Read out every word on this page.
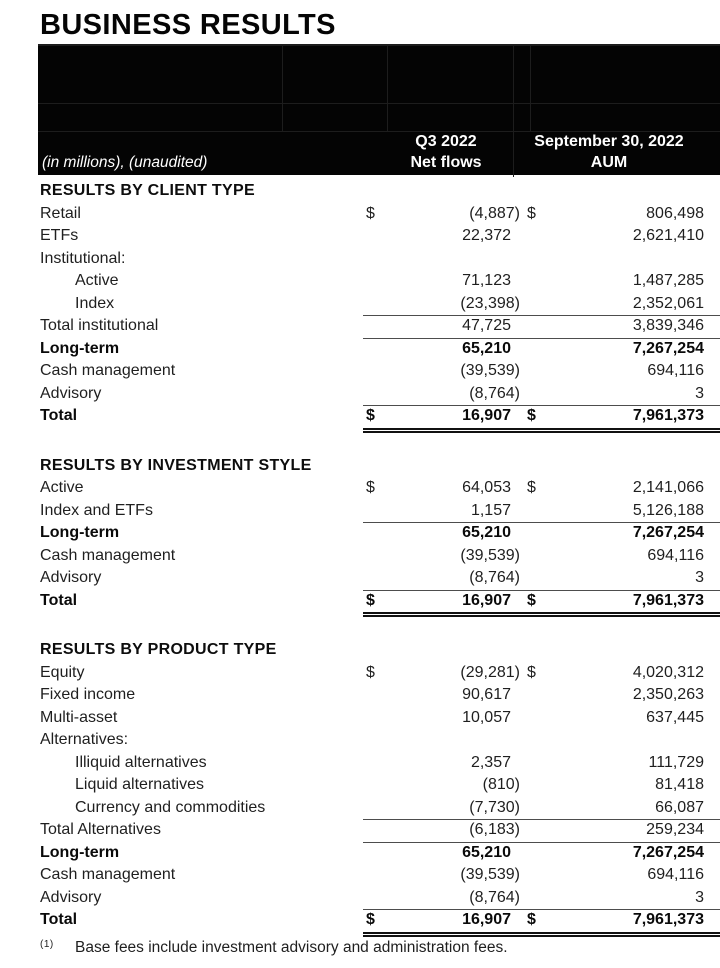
BUSINESS RESULTS
Q3 2022
Net flows
September 30, 2022
AUM
(in millions), (unaudited)
RESULTS BY CLIENT TYPE
Retail	$	(4,887) $	806,498
ETFs	22,372	2,621,410
Institutional:
Active	71,123	1,487,285
Index	(23,398)	2,352,061
Total institutional	47,725	3,839,346
Long-term	65,210	7,267,254
Cash management	(39,539)	694,116
Advisory	(8,764)	3
Total	$	16,907	$	7,961,373
RESULTS BY INVESTMENT STYLE
Active	$	64,053	$	2,141,066
Index and ETFs	1,157	5,126,188
Long-term	65,210	7,267,254
Cash management	(39,539)	694,116
Advisory	(8,764)	3
Total	$	16,907	$	7,961,373
RESULTS BY PRODUCT TYPE
Equity	$	(29,281) $	4,020,312
Fixed income	90,617	2,350,263
Multi-asset	10,057	637,445
Alternatives:
Illiquid alternatives	2,357	111,729
Liquid alternatives	(810)	81,418
Currency and commodities	(7,730)	66,087
Total Alternatives	(6,183)	259,234
Long-term	65,210	7,267,254
Cash management	(39,539)	694,116
Advisory	(8,764)	3
Total	$	16,907	$	7,961,373
(1) Base fees include investment advisory and administration fees.
